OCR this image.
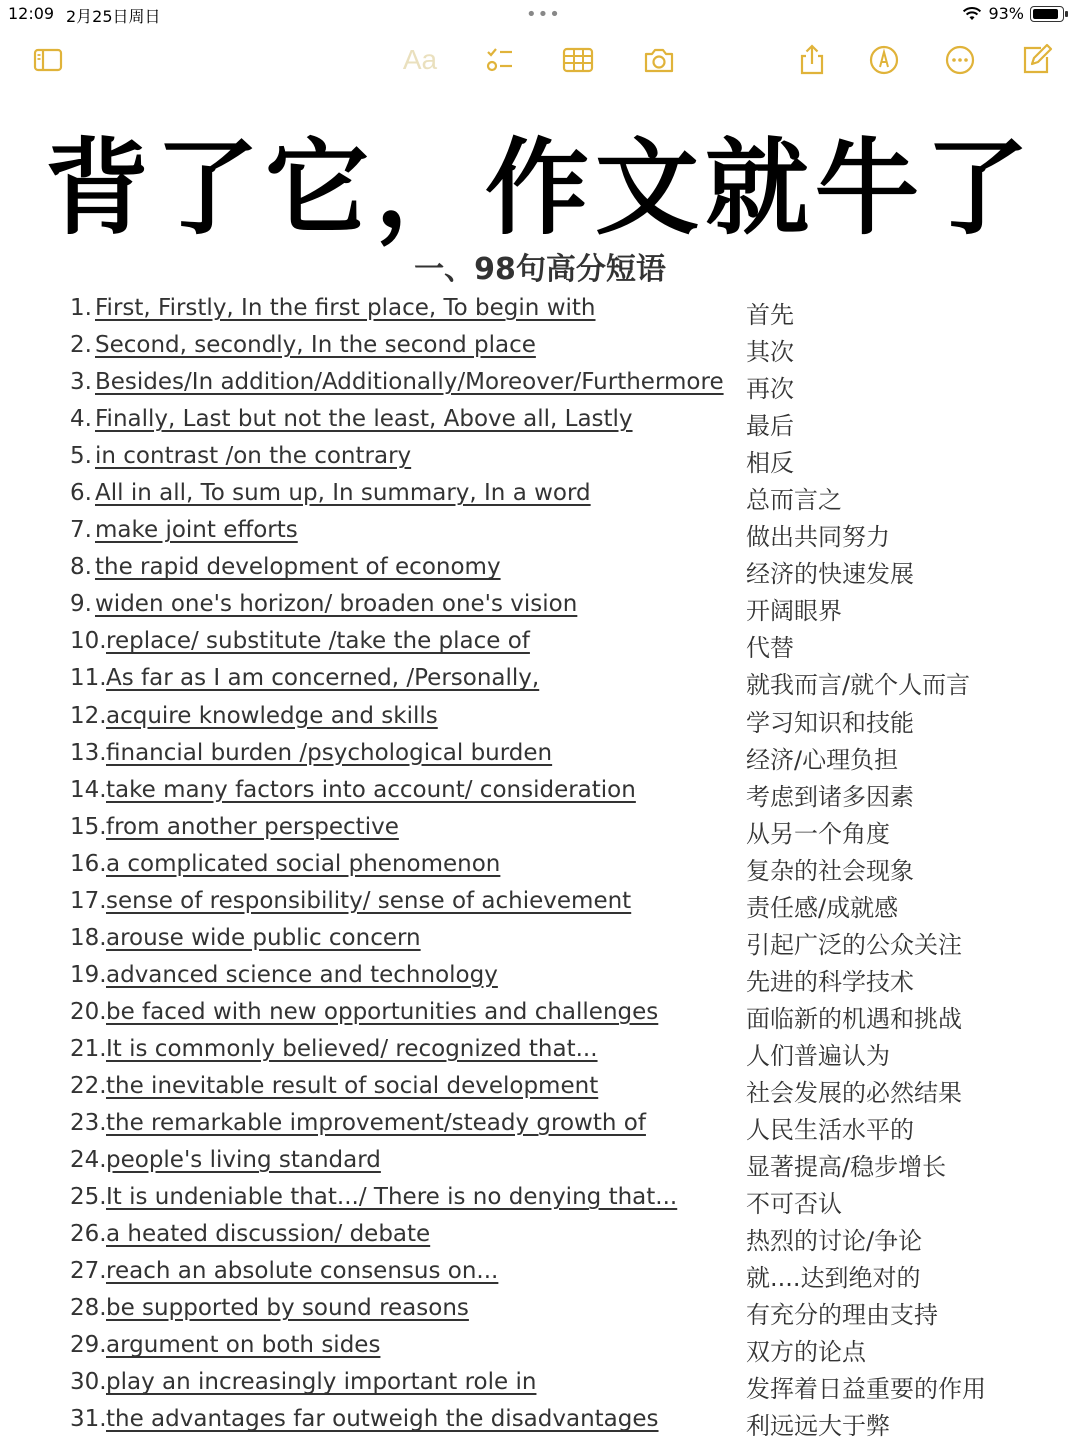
12:09 2月25日周日	•••	93%
Aa
背了它，作文就牛了
一、98句高分短语
1. First, Firstly, In the first place, To begin with	首先
2. Second, secondly, In the second place	其次
3. Besides/In addition/Additionally/Moreover/Furthermore 再次
4. Finally, Last but not the least, Above all, Lastly	最后
5. in contrast /on the contrary	相反
6. All in all, To sum up, In summary, In a word	总而言之
7. make joint efforts	做出共同努力
8. the rapid development of economy	经济的快速发展
9. widen one's horizon/ broaden one's vision	开阔眼界
10. replace/ substitute /take the place of	代替
11. As far as I am concerned, /Personally,	就我而言/就个人而言
12. acquire knowledge and skills	学习知识和技能
13. financial burden /psychological burden	经济/心理负担
14. take many factors into account/ consideration	考虑到诸多因素
15. from another perspective	从另一个角度
16. a complicated social phenomenon	复杂的社会现象
17. sense of responsibility/ sense of achievement	责任感/成就感
18. arouse wide public concern	引起广泛的公众关注
19. advanced science and technology	先进的科学技术
20. be faced with new opportunities and challenges	面临新的机遇和挑战
21. It is commonly believed/ recognized that...	人们普遍认为
22. the inevitable result of social development	社会发展的必然结果
23. the remarkable improvement/steady growth of	人民生活水平的
24. people's living standard	显著提高/稳步增长
25. It is undeniable that.../ There is no denying that...	不可否认
26. a heated discussion/ debate	热烈的讨论/争论
27. reach an absolute consensus on...	就....达到绝对的
28. be supported by sound reasons	有充分的理由支持
29. argument on both sides	双方的论点
30. play an increasingly important role in	发挥着日益重要的作用
31. the advantages far outweigh the disadvantages	利远远大于弊
